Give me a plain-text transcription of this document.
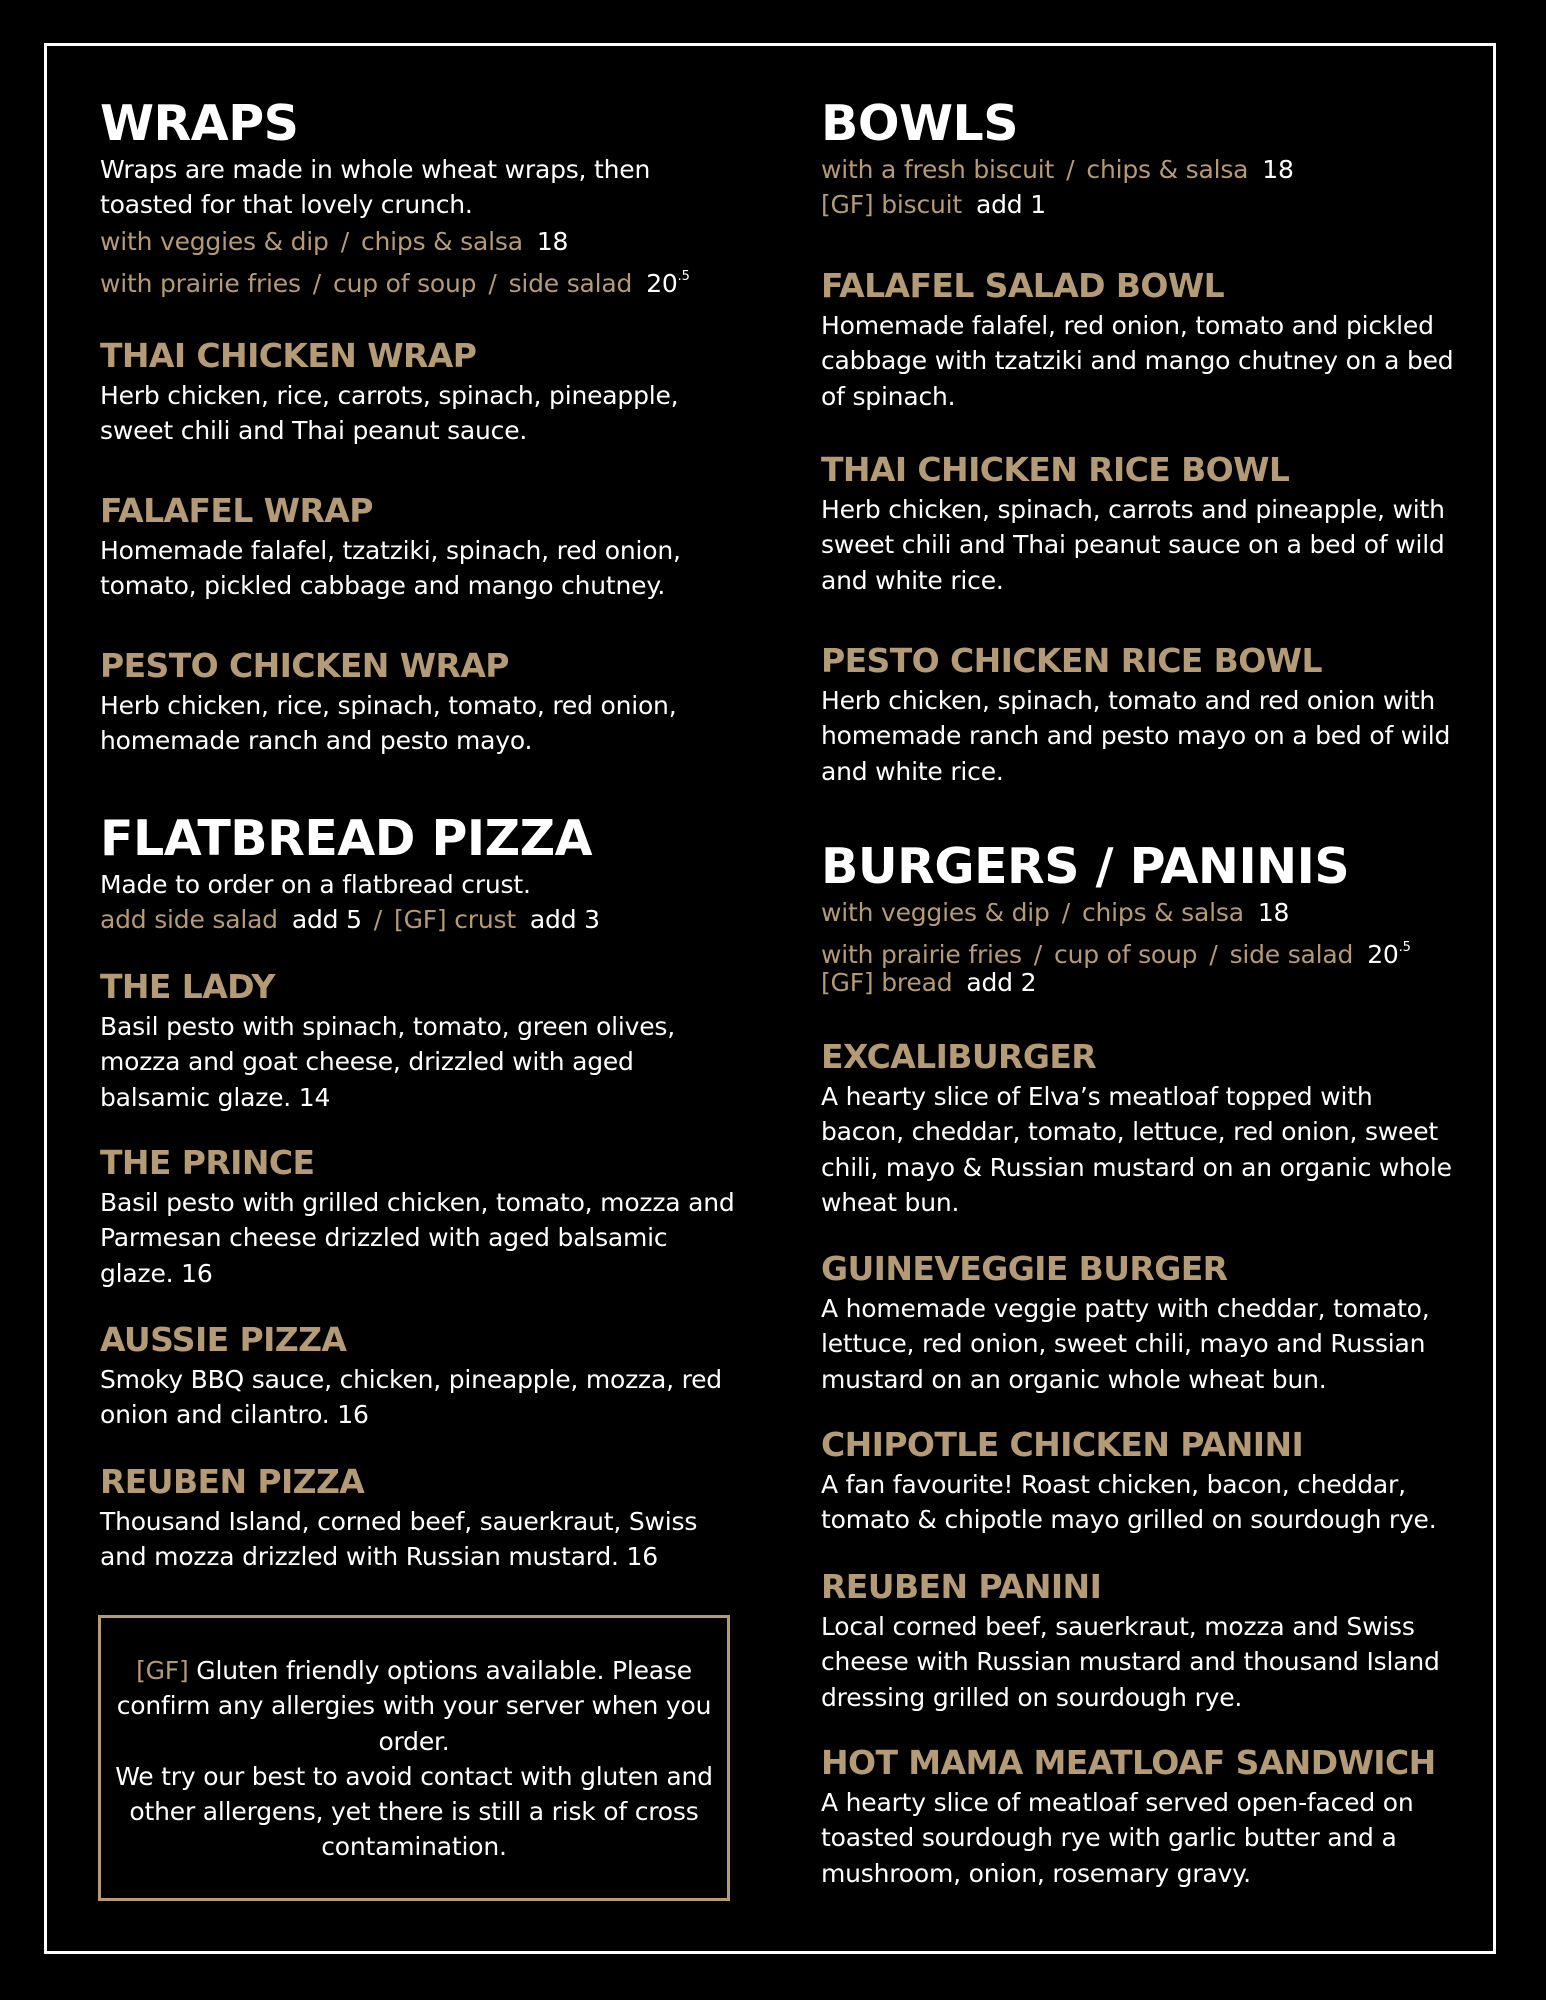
WRAPS

Wraps are made in whole wheat wraps, then toasted for that lovely crunch.

with veggies & dip / chips & salsa 18

with prairie fries / cup of soup / side salad $20^{.5}$

THAI CHICKEN WRAP

Herb chicken, rice, carrots, spinach, pineapple, sweet chili and Thai peanut sauce.

FALAFEL WRAP

Homemade falafel, tzatziki, spinach, red onion, tomato, pickled cabbage and mango chutney.

PESTO CHICKEN WRAP

Herb chicken, rice, spinach, tomato, red onion, homemade ranch and pesto mayo.

FLATBREAD PIZZA

Made to order on a flatbread crust.

add side salad add 5 / [GF] crust add 3

THE LADY

Basil pesto with spinach, tomato, green olives, mozza and goat cheese, drizzled with aged balsamic glaze. 14

THE PRINCE

Basil pesto with grilled chicken, tomato, mozza and Parmesan cheese drizzled with aged balsamic glaze. 16

AUSSIE PIZZA

Smoky BBQ sauce, chicken, pineapple, mozza, red onion and cilantro. 16

REUBEN PIZZA

Thousand Island, corned beef, sauerkraut, Swiss and mozza drizzled with Russian mustard. 16

[GF] Gluten friendly options available. Please confirm any allergies with your server when you order.
We try our best to avoid contact with gluten and other allergens, yet there is still a risk of cross contamination.

BOWLS

with a fresh biscuit / chips & salsa 18

[GF] biscuit add 1

FALAFEL SALAD BOWL

Homemade falafel, red onion, tomato and pickled cabbage with tzatziki and mango chutney on a bed of spinach.

THAI CHICKEN RICE BOWL

Herb chicken, spinach, carrots and pineapple, with sweet chili and Thai peanut sauce on a bed of wild and white rice.

PESTO CHICKEN RICE BOWL

Herb chicken, spinach, tomato and red onion with homemade ranch and pesto mayo on a bed of wild and white rice.

BURGERS / PANINIS

with veggies & dip / chips & salsa 18

with prairie fries / cup of soup / side salad $20^{.5}$

[GF] bread add 2

EXCALIBURGER

A hearty slice of Elva’s meatloaf topped with bacon, cheddar, tomato, lettuce, red onion, sweet chili, mayo & Russian mustard on an organic whole wheat bun.

GUINEVEGGIE BURGER

A homemade veggie patty with cheddar, tomato, lettuce, red onion, sweet chili, mayo and Russian mustard on an organic whole wheat bun.

CHIPOTLE CHICKEN PANINI

A fan favourite! Roast chicken, bacon, cheddar, tomato & chipotle mayo grilled on sourdough rye.

REUBEN PANINI

Local corned beef, sauerkraut, mozza and Swiss cheese with Russian mustard and thousand Island dressing grilled on sourdough rye.

HOT MAMA MEATLOAF SANDWICH

A hearty slice of meatloaf served open-faced on toasted sourdough rye with garlic butter and a mushroom, onion, rosemary gravy.
